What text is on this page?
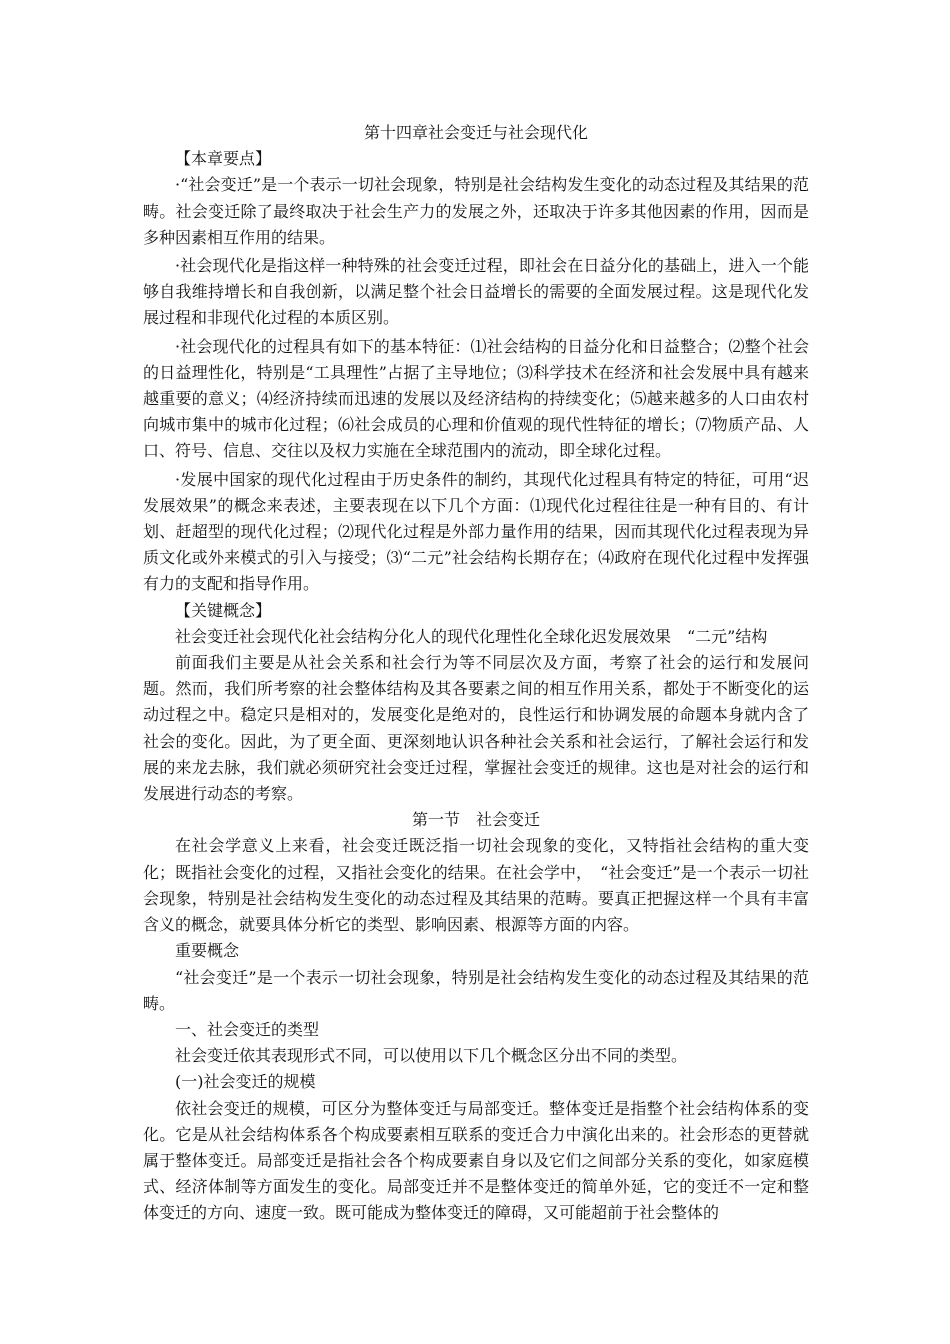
第十四章社会变迁与社会现代化

【本章要点】

·“社会变迁”是一个表示一切社会现象，特别是社会结构发生变化的动态过程及其结果的范畴。社会变迁除了最终取决于社会生产力的发展之外，还取决于许多其他因素的作用，因而是多种因素相互作用的结果。

·社会现代化是指这样一种特殊的社会变迁过程，即社会在日益分化的基础上，进入一个能够自我维持增长和自我创新，以满足整个社会日益增长的需要的全面发展过程。这是现代化发展过程和非现代化过程的本质区别。

·社会现代化的过程具有如下的基本特征：⑴社会结构的日益分化和日益整合；⑵整个社会的日益理性化，特别是“工具理性”占据了主导地位；⑶科学技术在经济和社会发展中具有越来越重要的意义；⑷经济持续而迅速的发展以及经济结构的持续变化；⑸越来越多的人口由农村向城市集中的城市化过程；⑹社会成员的心理和价值观的现代性特征的增长；⑺物质产品、人口、符号、信息、交往以及权力实施在全球范围内的流动，即全球化过程。

·发展中国家的现代化过程由于历史条件的制约，其现代化过程具有特定的特征，可用“迟发展效果”的概念来表述，主要表现在以下几个方面：⑴现代化过程往往是一种有目的、有计划、赶超型的现代化过程；⑵现代化过程是外部力量作用的结果，因而其现代化过程表现为异质文化或外来模式的引入与接受；⑶“二元”社会结构长期存在；⑷政府在现代化过程中发挥强有力的支配和指导作用。

【关键概念】

社会变迁社会现代化社会结构分化人的现代化理性化全球化迟发展效果　“二元”结构

前面我们主要是从社会关系和社会行为等不同层次及方面，考察了社会的运行和发展问题。然而，我们所考察的社会整体结构及其各要素之间的相互作用关系，都处于不断变化的运动过程之中。稳定只是相对的，发展变化是绝对的，良性运行和协调发展的命题本身就内含了社会的变化。因此，为了更全面、更深刻地认识各种社会关系和社会运行，了解社会运行和发展的来龙去脉，我们就必须研究社会变迁过程，掌握社会变迁的规律。这也是对社会的运行和发展进行动态的考察。

第一节　社会变迁

在社会学意义上来看，社会变迁既泛指一切社会现象的变化，又特指社会结构的重大变化；既指社会变化的过程，又指社会变化的结果。在社会学中，　“社会变迁”是一个表示一切社会现象，特别是社会结构发生变化的动态过程及其结果的范畴。要真正把握这样一个具有丰富含义的概念，就要具体分析它的类型、影响因素、根源等方面的内容。

重要概念

“社会变迁”是一个表示一切社会现象，特别是社会结构发生变化的动态过程及其结果的范畴。

一、社会变迁的类型

社会变迁依其表现形式不同，可以使用以下几个概念区分出不同的类型。

(一)社会变迁的规模

依社会变迁的规模，可区分为整体变迁与局部变迁。整体变迁是指整个社会结构体系的变化。它是从社会结构体系各个构成要素相互联系的变迁合力中演化出来的。社会形态的更替就属于整体变迁。局部变迁是指社会各个构成要素自身以及它们之间部分关系的变化，如家庭模式、经济体制等方面发生的变化。局部变迁并不是整体变迁的简单外延，它的变迁不一定和整体变迁的方向、速度一致。既可能成为整体变迁的障碍，又可能超前于社会整体的
